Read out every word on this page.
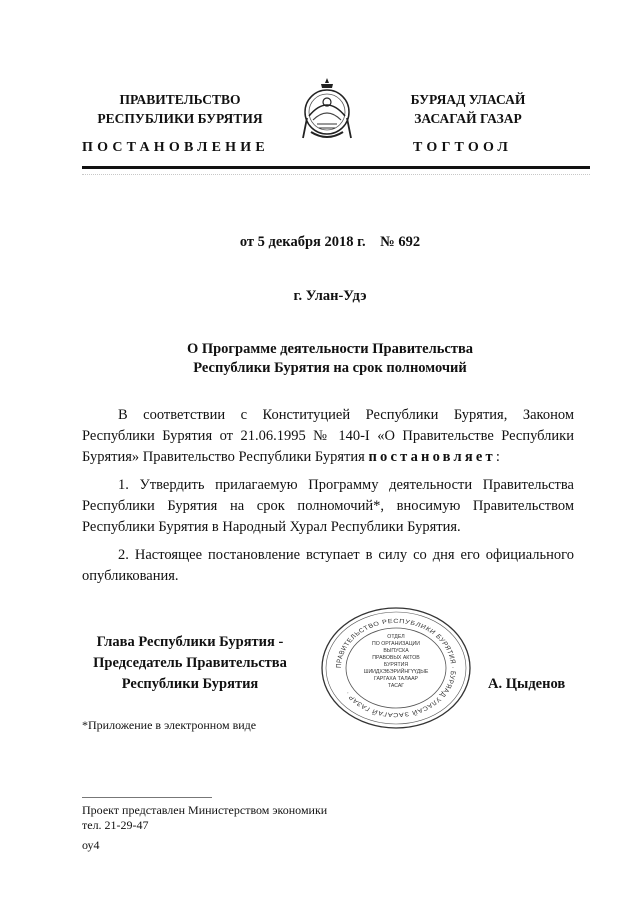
ПРАВИТЕЛЬСТВО
РЕСПУБЛИКИ БУРЯТИЯ
БУРЯАД УЛАСАЙ
ЗАСАГАЙ ГАЗАР
ПОСТАНОВЛЕНИЕ	ТОГТООЛ
от 5 декабря 2018 г.    № 692
г. Улан-Удэ
О Программе деятельности Правительства
Республики Бурятия на срок полномочий
В соответствии с Конституцией Республики Бурятия, Законом Республики Бурятия от 21.06.1995 № 140-I «О Правительстве Республики Бурятия» Правительство Республики Бурятия постановляет:
1. Утвердить прилагаемую Программу деятельности Правительства Республики Бурятия на срок полномочий*, вносимую Правительством Республики Бурятия в Народный Хурал Республики Бурятия.
2. Настоящее постановление вступает в силу со дня его официального опубликования.
Глава Республики Бурятия -
Председатель Правительства
Республики Бурятия
ПРАВИТЕЛЬСТВО РЕСПУБЛИКИ БУРЯТИЯ · БУРЯАД УЛАСАЙ ЗАСАГАЙ ГАЗАР ·
ОТДЕЛ
ПО ОРГАНИЗАЦИИ
ВЫПУСКА
ПРАВОВЫХ АКТОВ
БУРЯТИЯ
ШИИДХЭБЭРИЙНГҮҮДЫЕ
ГАРГАХА ТАЛААР
ТАСАГ	А. Цыденов
*Приложение в электронном виде
Проект представлен Министерством экономики
тел. 21-29-47
оу4
